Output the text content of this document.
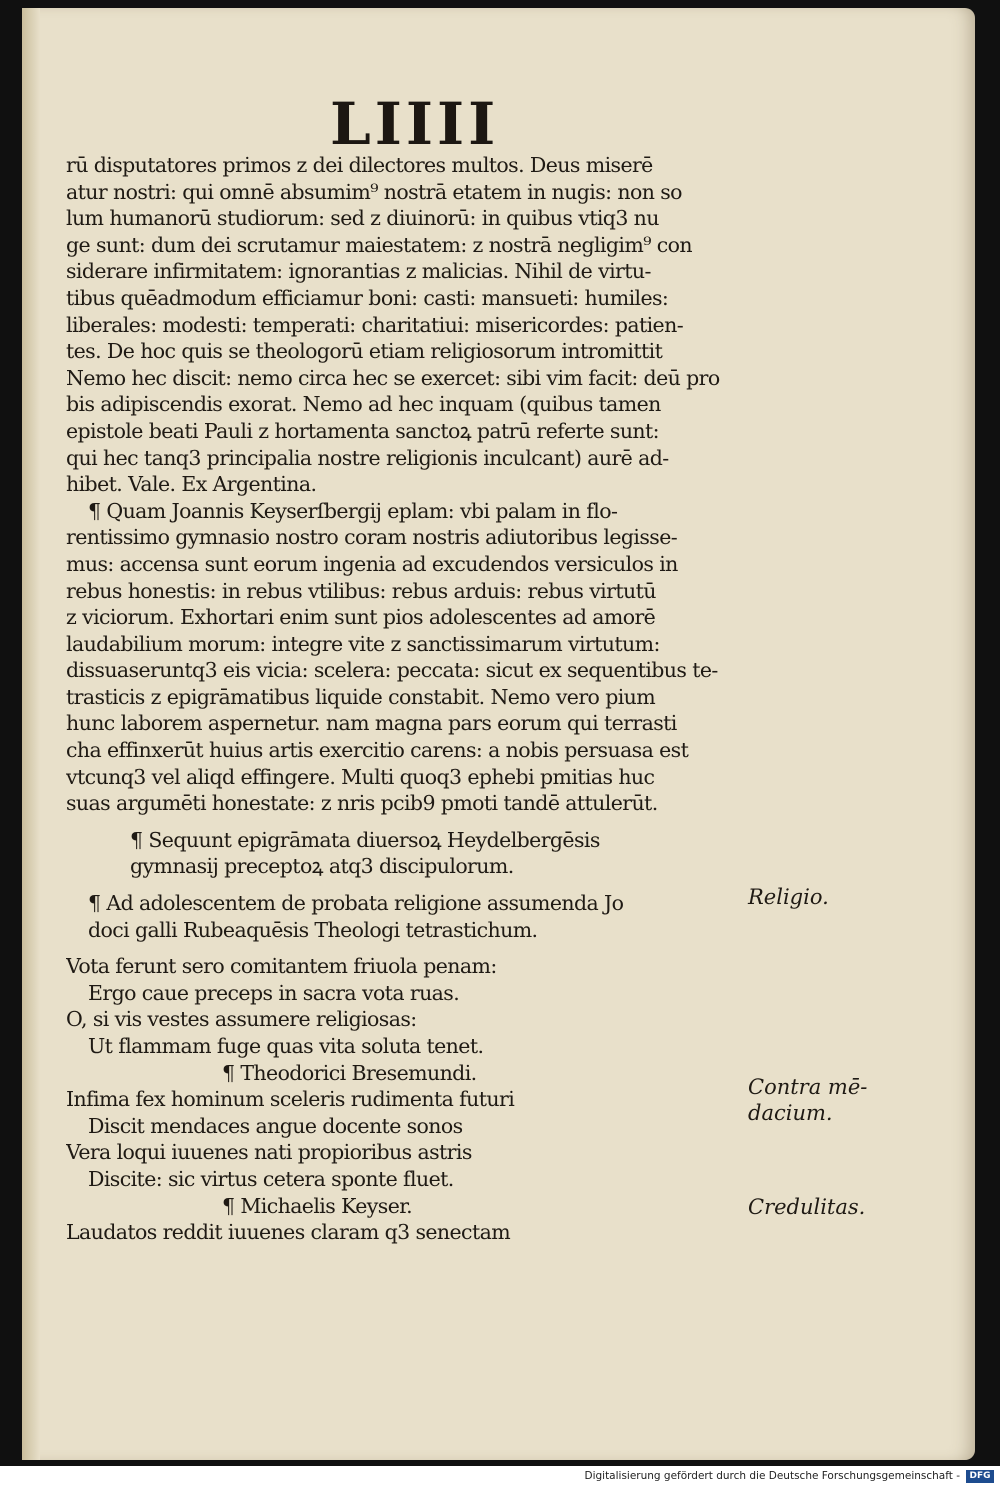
LIIII
rū disputatores primos z dei dilectores multos. Deus miserē
atur nostri: qui omnē absumim⁹ nostrā etatem in nugis: non so
lum humanorū studiorum: sed z diuinorū: in quibus vtiq3 nu
ge sunt: dum dei scrutamur maiestatem: z nostrā negligim⁹ con
siderare infirmitatem: ignorantias z malicias. Nihil de virtu-
tibus quēadmodum efficiamur boni: casti: mansueti: humiles:
liberales: modesti: temperati: charitatiui: misericordes: patien-
tes. De hoc quis se theologorū etiam religiosorum intromittit
Nemo hec discit: nemo circa hec se exercet: sibi vim facit: deū pro
bis adipiscendis exorat. Nemo ad hec inquam (quibus tamen
epistole beati Pauli z hortamenta sanctoꝝ patrū referte sunt:
qui hec tanq3 principalia nostre religionis inculcant) aurē ad-
hibet. Vale. Ex Argentina.
¶ Quam Joannis Keyserſbergij eplam: vbi palam in flo-
rentissimo gymnasio nostro coram nostris adiutoribus legisse-
mus: accensa sunt eorum ingenia ad excudendos versiculos in
rebus honestis: in rebus vtilibus: rebus arduis: rebus virtutū
z viciorum. Exhortari enim sunt pios adolescentes ad amorē
laudabilium morum: integre vite z sanctissimarum virtutum:
dissuaseruntq3 eis vicia: scelera: peccata: sicut ex sequentibus te-
trasticis z epigrāmatibus liquide constabit. Nemo vero pium
hunc laborem aspernetur. nam magna pars eorum qui terrasti
cha effinxerūt huius artis exercitio carens: a nobis persuasa est
vtcunq3 vel aliqd effingere. Multi quoq3 ephebi pmitias huc
suas argumēti honestate: z nris pcib9 pmoti tandē attulerūt.
¶ Sequunt epigrāmata diuersoꝝ Heydelbergēsis
gymnasij preceptoꝝ atq3 discipulorum.
¶ Ad adolescentem de probata religione assumenda Jo
doci galli Rubeaquēsis Theologi tetrastichum.
Vota ferunt sero comitantem friuola penam:
Ergo caue preceps in sacra vota ruas.
O, si vis vestes assumere religiosas:
Ut flammam fuge quas vita soluta tenet.
¶ Theodorici Bresemundi.
Infima fex hominum sceleris rudimenta futuri
Discit mendaces angue docente sonos
Vera loqui iuuenes nati propioribus astris
Discite: sic virtus cetera sponte fluet.
¶ Michaelis Keyser.
Laudatos reddit iuuenes claram q3 senectam
Religio.
Contra mē-
dacium.
Credulitas.
Digitalisierung gefördert durch die Deutsche Forschungsgemeinschaft -	DFG
